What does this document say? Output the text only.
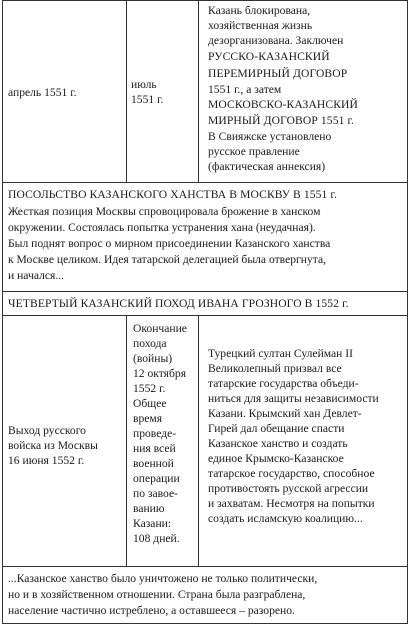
апрель 1551 г.
июль
1551 г.
Казань блокирована,
хозяйственная жизнь
дезорганизована. Заключен
РУССКО-КАЗАНСКИЙ
ПЕРЕМИРНЫЙ ДОГОВОР
1551 г., а затем
МОСКОВСКО-КАЗАНСКИЙ
МИРНЫЙ ДОГОВОР 1551 г.
В Свияжске установлено
русское правление
(фактическая аннексия)
ПОСОЛЬСТВО КАЗАНСКОГО ХАНСТВА В МОСКВУ В 1551 г.
Жесткая позиция Москвы спровоцировала брожение в ханском
окружении. Состоялась попытка устранения хана (неудачная).
Был поднят вопрос о мирном присоединении Казанского ханства
к Москве целиком. Идея татарской делегацией была отвергнута,
и начался...
ЧЕТВЕРТЫЙ КАЗАНСКИЙ ПОХОД ИВАНА ГРОЗНОГО В 1552 г.
Выход русского
войска из Москвы
16 июня 1552 г.
Окончание
похода
(войны)
12 октября
1552 г.
Общее
время
проведе-
ния всей
военной
операции
по завое-
ванию
Казани:
108 дней.
Турецкий султан Сулейман II
Великолепный призвал все
татарские государства объеди-
ниться для защиты независимости
Казани. Крымский хан Девлет-
Гирей дал обещание спасти
Казанское ханство и создать
единое Крымско-Казанское
татарское государство, способное
противостоять русской агрессии
и захватам. Несмотря на попытки
создать исламскую коалицию...
...Казанское ханство было уничтожено не только политически,
но и в хозяйственном отношении. Страна была разграблена,
население частично истреблено, а оставшееся – разорено.
